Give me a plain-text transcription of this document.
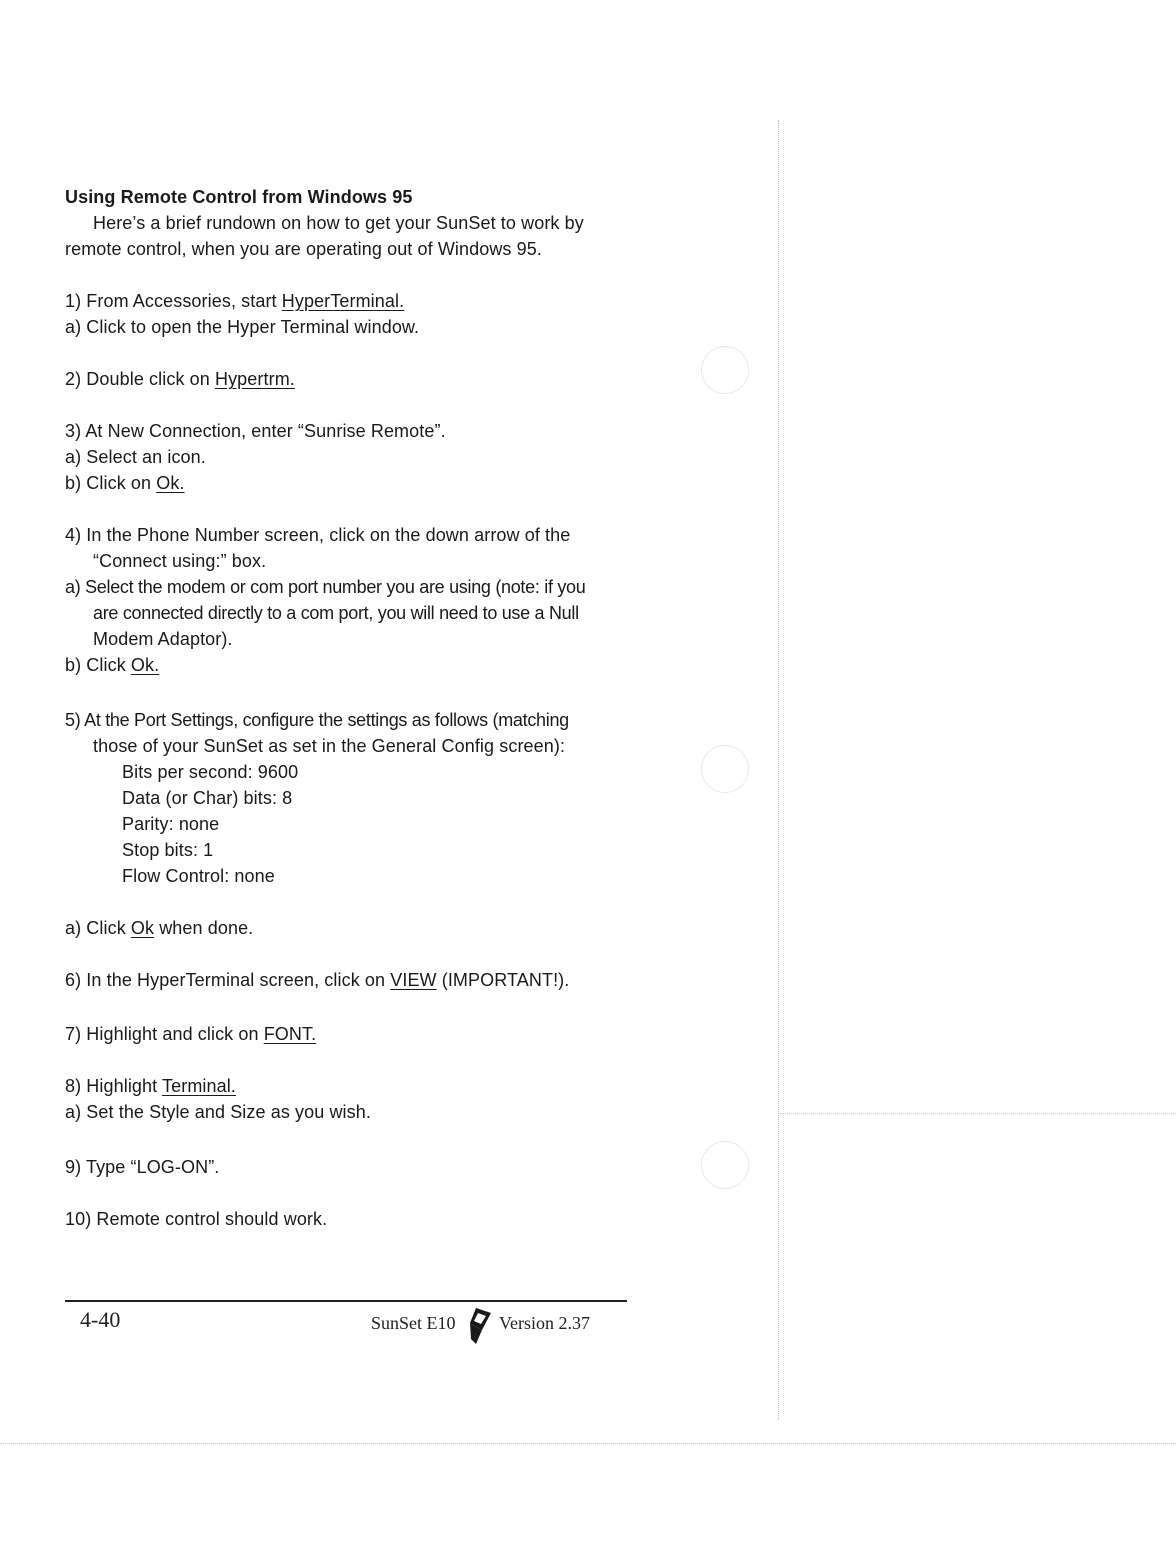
Using Remote Control from Windows 95
Here’s a brief rundown on how to get your SunSet to work by
remote control, when you are operating out of Windows 95.
1) From Accessories, start HyperTerminal.
a) Click to open the Hyper Terminal window.
2) Double click on Hypertrm.
3) At New Connection, enter “Sunrise Remote”.
a) Select an icon.
b) Click on Ok.
4) In the Phone Number screen, click on the down arrow of the
“Connect using:” box.
a) Select the modem or com port number you are using (note: if you
are connected directly to a com port, you will need to use a Null
Modem Adaptor).
b) Click Ok.
5) At the Port Settings, configure the settings as follows (matching
those of your SunSet as set in the General Config screen):
Bits per second: 9600
Data (or Char) bits: 8
Parity: none
Stop bits: 1
Flow Control: none
a) Click Ok when done.
6) In the HyperTerminal screen, click on VIEW (IMPORTANT!).
7) Highlight and click on FONT.
8) Highlight Terminal.
a) Set the Style and Size as you wish.
9) Type “LOG-ON”.
10) Remote control should work.
4-40	SunSet E10 Version 2.37
